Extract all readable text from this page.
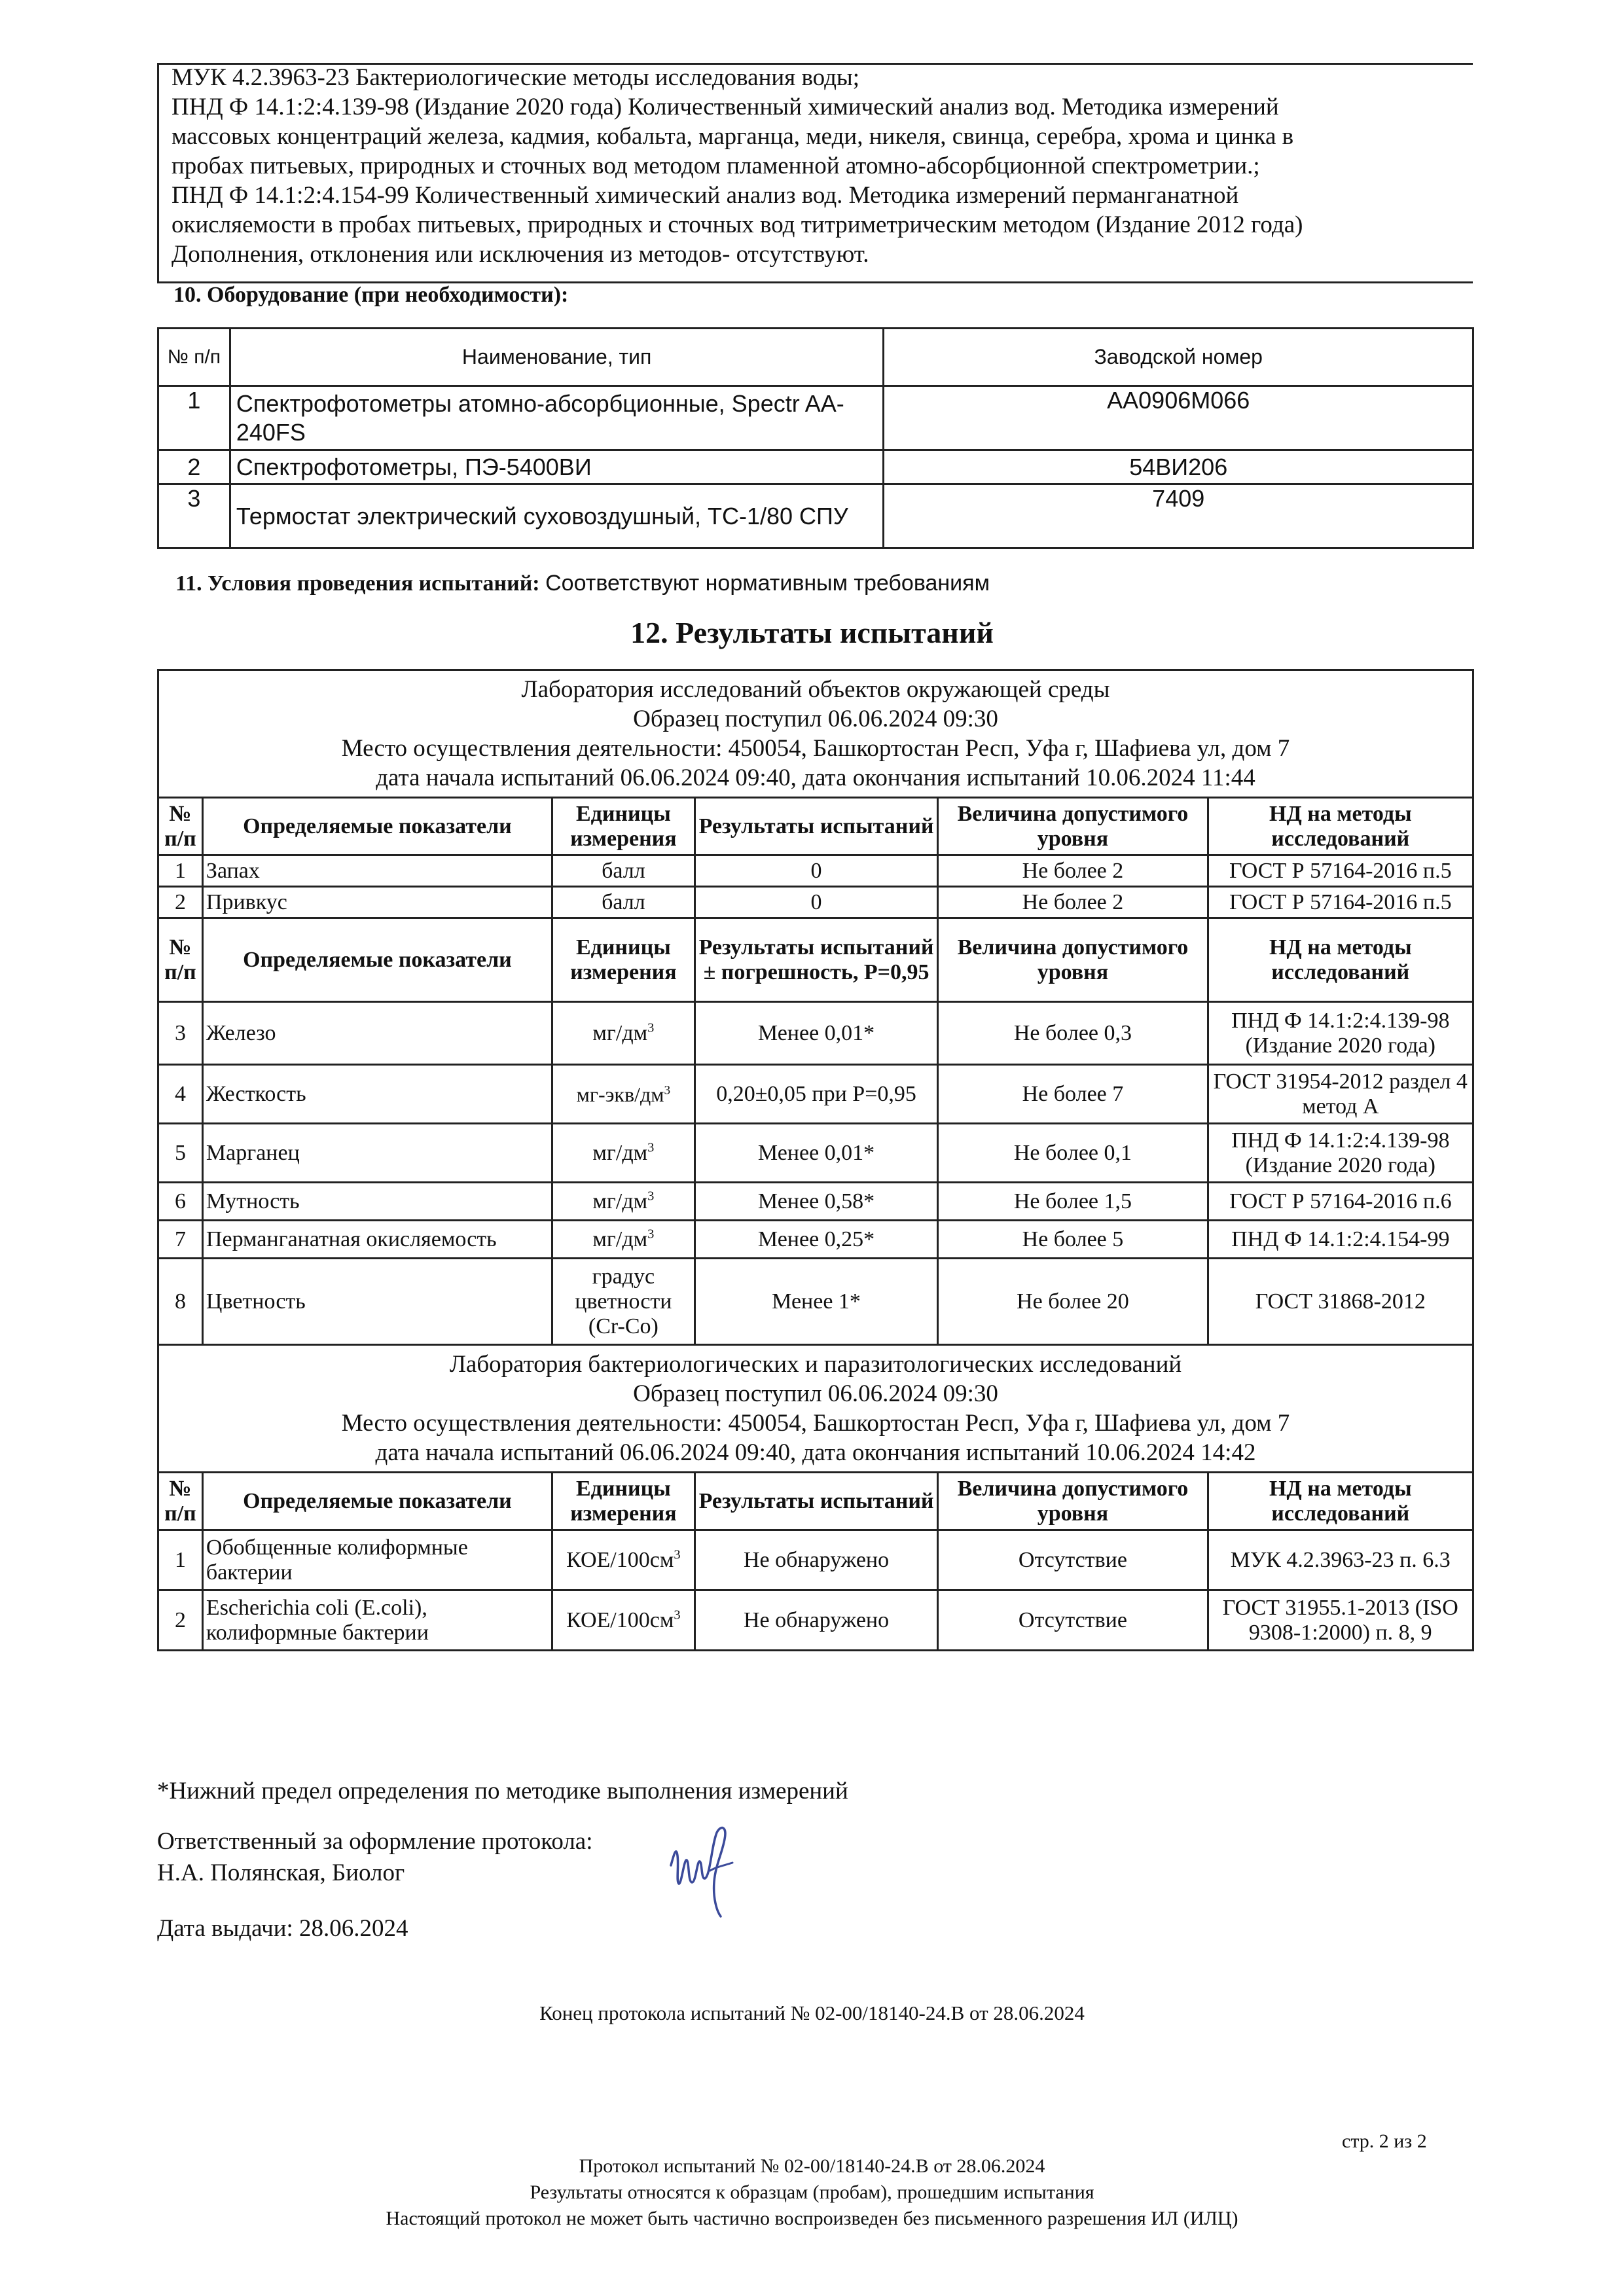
МУК 4.2.3963-23 Бактериологические методы исследования воды;
ПНД Ф 14.1:2:4.139-98 (Издание 2020 года) Количественный химический анализ вод. Методика измерений
массовых концентраций железа, кадмия, кобальта, марганца, меди, никеля, свинца, серебра, хрома и цинка в
пробах питьевых, природных и сточных вод методом пламенной атомно-абсорбционной спектрометрии.;
ПНД Ф 14.1:2:4.154-99 Количественный химический анализ вод. Методика измерений перманганатной
окисляемости в пробах питьевых, природных и сточных вод титриметрическим методом (Издание 2012 года)
Дополнения, отклонения или исключения из методов- отсутствуют.
10. Оборудование (при необходимости):
№ п/п	Наименование, тип	Заводской номер
1	Спектрофотометры атомно-абсорбционные, Spectr AA-240FS	AA0906M066
2	Спектрофотометры, ПЭ-5400ВИ	54ВИ206
3	Термостат электрический суховоздушный, ТС-1/80 СПУ	7409
11. Условия проведения испытаний: Соответствуют нормативным требованиям
12. Результаты испытаний
Лаборатория исследований объектов окружающей среды
Образец поступил 06.06.2024 09:30
Место осуществления деятельности: 450054, Башкортостан Респ, Уфа г, Шафиева ул, дом 7
дата начала испытаний 06.06.2024 09:40, дата окончания испытаний 10.06.2024 11:44					

№ п/п	Определяемые показатели	Единицы измерения	Результаты испытаний	Величина допустимого уровня	НД на методы исследований
1	Запах	балл	0	Не более 2	ГОСТ Р 57164-2016 п.5
2	Привкус	балл	0	Не более 2	ГОСТ Р 57164-2016 п.5
№ п/п	Определяемые показатели	Единицы измерения	Результаты испытаний ± погрешность, Р=0,95	Величина допустимого уровня	НД на методы исследований
3	Железо	$мг/дм^3$	Менее 0,01*	Не более 0,3	ПНД Ф 14.1:2:4.139-98 (Издание 2020 года)
4	Жесткость	$мг-экв/дм^3$	0,20±0,05 при Р=0,95	Не более 7	ГОСТ 31954-2012 раздел 4 метод А
5	Марганец	$мг/дм^3$	Менее 0,01*	Не более 0,1	ПНД Ф 14.1:2:4.139-98 (Издание 2020 года)
6	Мутность	$мг/дм^3$	Менее 0,58*	Не более 1,5	ГОСТ Р 57164-2016 п.6
7	Перманганатная окисляемость	$мг/дм^3$	Менее 0,25*	Не более 5	ПНД Ф 14.1:2:4.154-99
8	Цветность	градус цветности (Cr-Co)	Менее 1*	Не более 20	ГОСТ 31868-2012

Лаборатория бактериологических и паразитологических исследований
Образец поступил 06.06.2024 09:30
Место осуществления деятельности: 450054, Башкортостан Респ, Уфа г, Шафиева ул, дом 7
дата начала испытаний 06.06.2024 09:40, дата окончания испытаний 10.06.2024 14:42					

№ п/п	Определяемые показатели	Единицы измерения	Результаты испытаний	Величина допустимого уровня	НД на методы исследований
1	Обобщенные колиформные бактерии	КОЕ/$100см^3$	Не обнаружено	Отсутствие	МУК 4.2.3963-23 п. 6.3
2	Escherichia coli (E.coli), колиформные бактерии	КОЕ/$100см^3$	Не обнаружено	Отсутствие	ГОСТ 31955.1-2013 (ISO 9308-1:2000) п. 8, 9
*Нижний предел определения по методике выполнения измерений
Ответственный за оформление протокола:
Н.А. Полянская, Биолог
Дата выдачи: 28.06.2024
Конец протокола испытаний № 02-00/18140-24.В от 28.06.2024
стр. 2 из 2
Протокол испытаний № 02-00/18140-24.В от 28.06.2024
Результаты относятся к образцам (пробам), прошедшим испытания
Настоящий протокол не может быть частично воспроизведен без письменного разрешения ИЛ (ИЛЦ)
